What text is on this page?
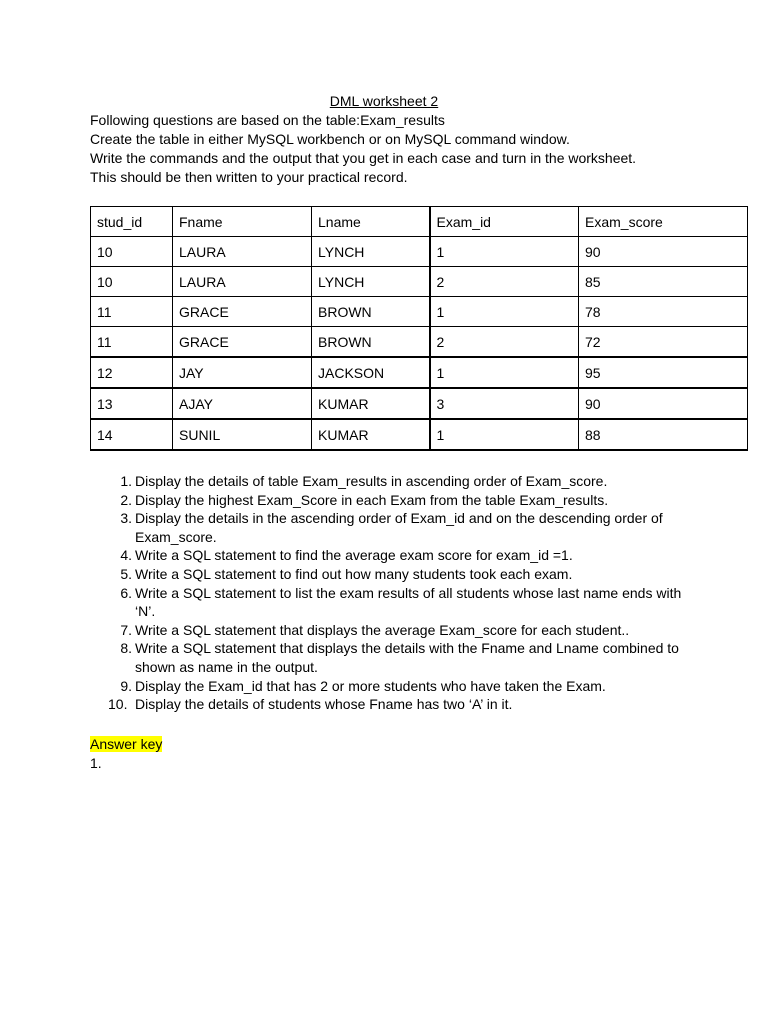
DML worksheet 2
Following questions are based on the table:Exam_results
Create the table in either MySQL workbench or on MySQL command window.
Write the commands and the output that you get in each case and turn in the worksheet.
This should be then written to your practical record.
stud_id	Fname	Lname	Exam_id	Exam_score
10	LAURA	LYNCH	1	90
10	LAURA	LYNCH	2	85
11	GRACE	BROWN	1	78
11	GRACE	BROWN	2	72
12	JAY	JACKSON	1	95
13	AJAY	KUMAR	3	90
14	SUNIL	KUMAR	1	88
1. Display the details of table Exam_results in ascending order of Exam_score.
2. Display the highest Exam_Score in each Exam from the table Exam_results.
3. Display the details in the ascending order of Exam_id and on the descending order of Exam_score.
4. Write a SQL statement to find the average exam score for exam_id =1.
5. Write a SQL statement to find out how many students took each exam.
6. Write a SQL statement to list the exam results of all students whose last name ends with ‘N’.
7. Write a SQL statement that displays the average Exam_score for each student..
8. Write a SQL statement that displays the details with the Fname and Lname combined to shown as name in the output.
9. Display the Exam_id that has 2 or more students who have taken the Exam.
10. Display the details of students whose Fname has two ‘A’ in it.
Answer key
1.
